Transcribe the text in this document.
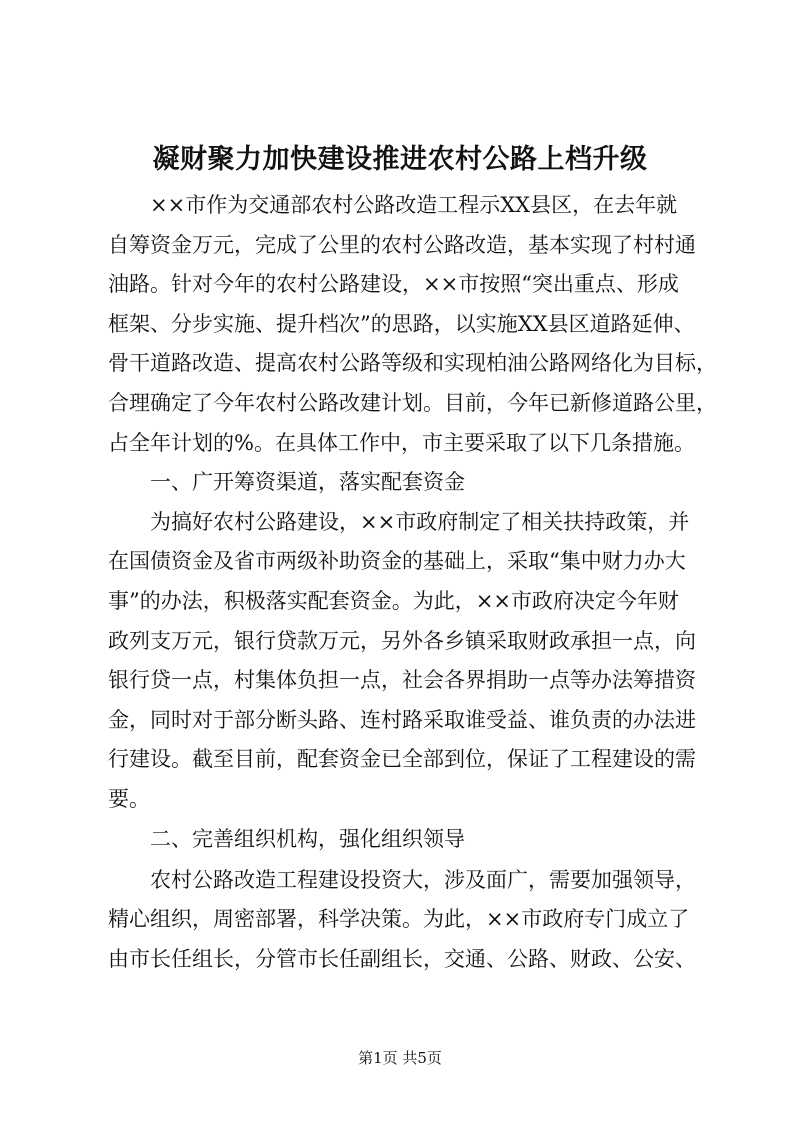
凝财聚力加快建设推进农村公路上档升级
××市作为交通部农村公路改造工程示XX县区，在去年就
自筹资金万元，完成了公里的农村公路改造，基本实现了村村通
油路。针对今年的农村公路建设，××市按照“突出重点、形成
框架、分步实施、提升档次”的思路，以实施XX县区道路延伸、
骨干道路改造、提高农村公路等级和实现柏油公路网络化为目标，
合理确定了今年农村公路改建计划。目前，今年已新修道路公里，
占全年计划的%。在具体工作中，市主要采取了以下几条措施。
一、广开筹资渠道，落实配套资金
为搞好农村公路建设，××市政府制定了相关扶持政策，并
在国债资金及省市两级补助资金的基础上，采取“集中财力办大
事”的办法，积极落实配套资金。为此，××市政府决定今年财
政列支万元，银行贷款万元，另外各乡镇采取财政承担一点，向
银行贷一点，村集体负担一点，社会各界捐助一点等办法筹措资
金，同时对于部分断头路、连村路采取谁受益、谁负责的办法进
行建设。截至目前，配套资金已全部到位，保证了工程建设的需
要。
二、完善组织机构，强化组织领导
农村公路改造工程建设投资大，涉及面广，需要加强领导，
精心组织，周密部署，科学决策。为此，××市政府专门成立了
由市长任组长，分管市长任副组长，交通、公路、财政、公安、
第1页 共5页
